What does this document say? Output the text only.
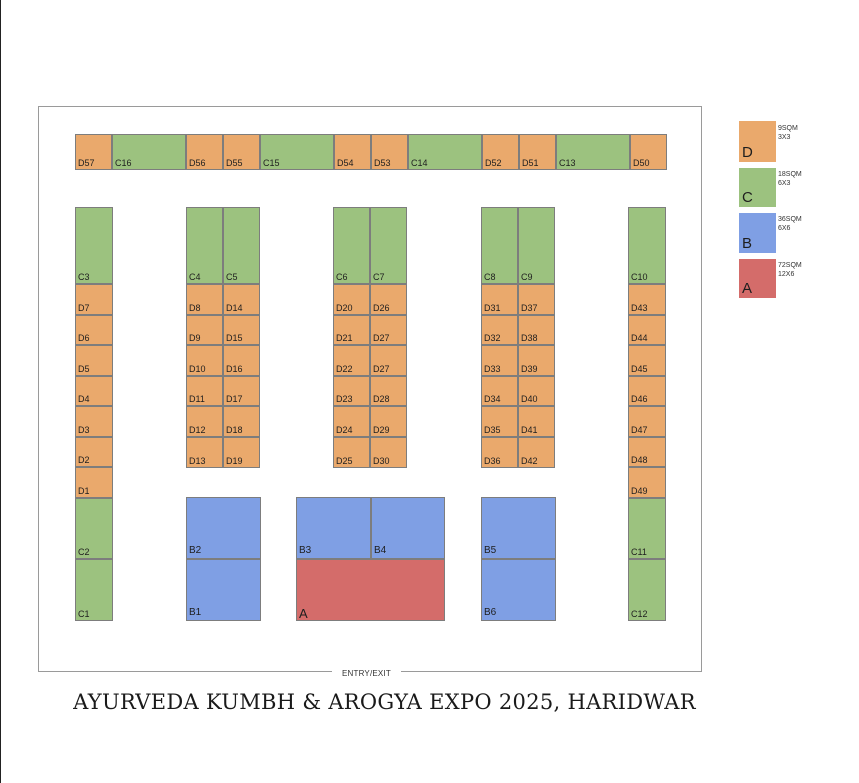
ENTRY/EXIT
D57 C16	D56 D55 C15	D54 D53 C14	D52 D51 C13	D50
C3	C10
D7	D43
D6	D44
D5	D45
D4	D46
D3	D47
D2	D48
D1	D49
C2	C11
C1	C12
C4	C5
D8	D14
D9	D15
D10 D16
D11 D17
D12 D18
D13 D19
C6	C7
D20 D26
D21 D27
D22 D27
D23 D28
D24 D29
D25 D30
C8	C9
D31 D37
D32 D38
D33 D39
D34 D40
D35 D41
D36 D42
B2
B1
B3	B4
A
B5
B6
D
9SQM
3X3
C
18SQM
6X3
B
36SQM
6X6
A
72SQM
12X6
AYURVEDA KUMBH & AROGYA EXPO 2025, HARIDWAR
